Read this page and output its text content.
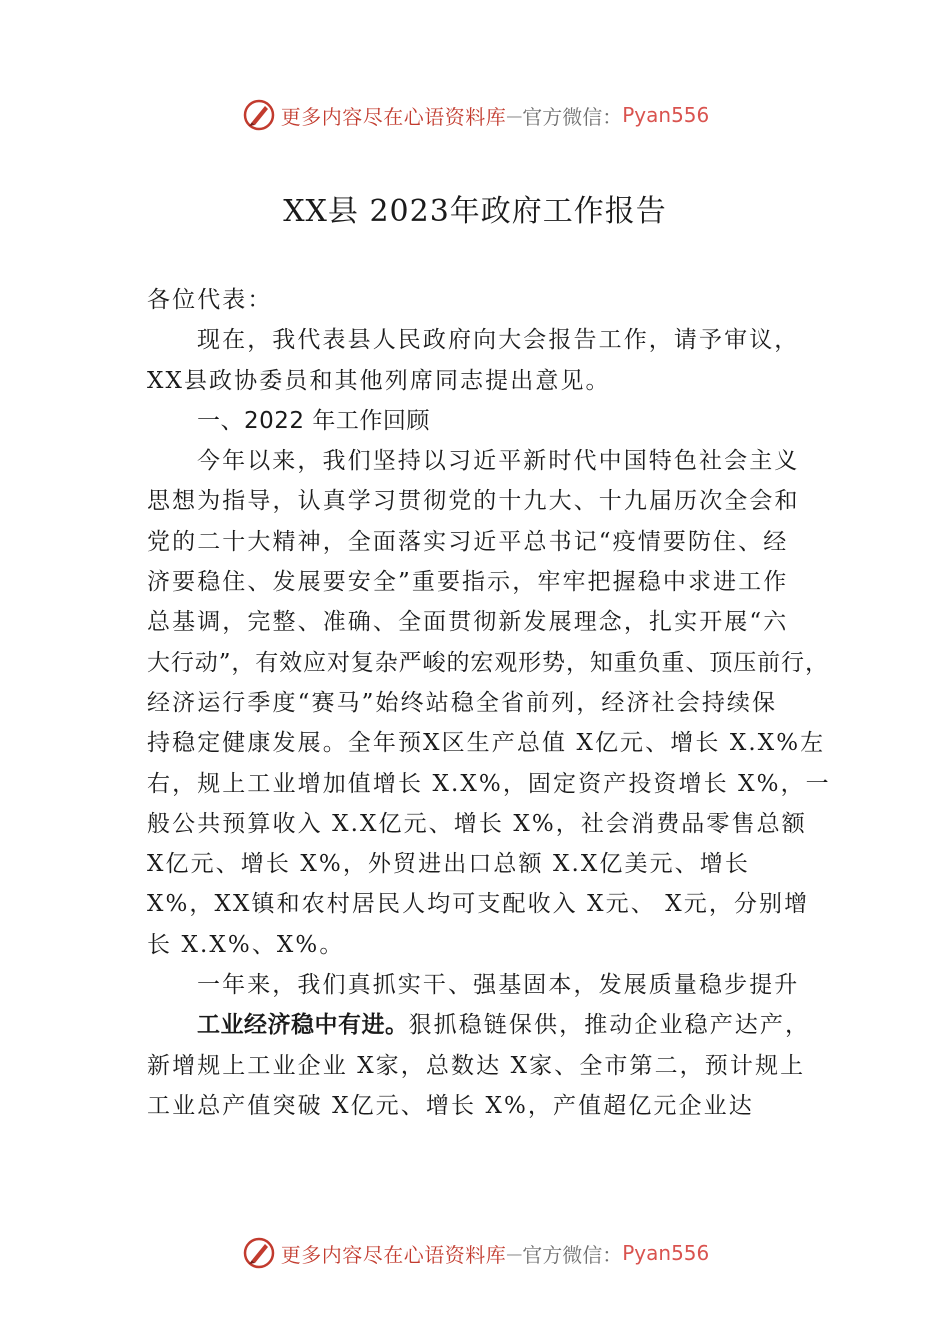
更多内容尽在心语资料库 — 官方微信： Pyan556
XX县 2023年政府工作报告
各位代表：
现在，我代表县人民政府向大会报告工作，请予审议，
XX县政协委员和其他列席同志提出意见。
一、2022 年工作回顾
今年以来，我们坚持以习近平新时代中国特色社会主义
思想为指导，认真学习贯彻党的十九大、十九届历次全会和
党的二十大精神，全面落实习近平总书记“疫情要防住、经
济要稳住、发展要安全”重要指示，牢牢把握稳中求进工作
总基调，完整、准确、全面贯彻新发展理念，扎实开展“六
大行动”，有效应对复杂严峻的宏观形势，知重负重、顶压前行，
经济运行季度“赛马”始终站稳全省前列，经济社会持续保
持稳定健康发展。全年预X区生产总值 X亿元、增长 X.X%左
右，规上工业增加值增长 X.X%，固定资产投资增长 X%，一
般公共预算收入 X.X亿元、增长 X%，社会消费品零售总额
X亿元、增长 X%，外贸进出口总额 X.X亿美元、增长
X%，XX镇和农村居民人均可支配收入 X元、 X元，分别增
长 X.X%、X%。
一年来，我们真抓实干、强基固本，发展质量稳步提升
工业经济稳中有进。狠抓稳链保供，推动企业稳产达产，
新增规上工业企业 X家，总数达 X家、全市第二，预计规上
工业总产值突破 X亿元、增长 X%，产值超亿元企业达
更多内容尽在心语资料库 — 官方微信： Pyan556
